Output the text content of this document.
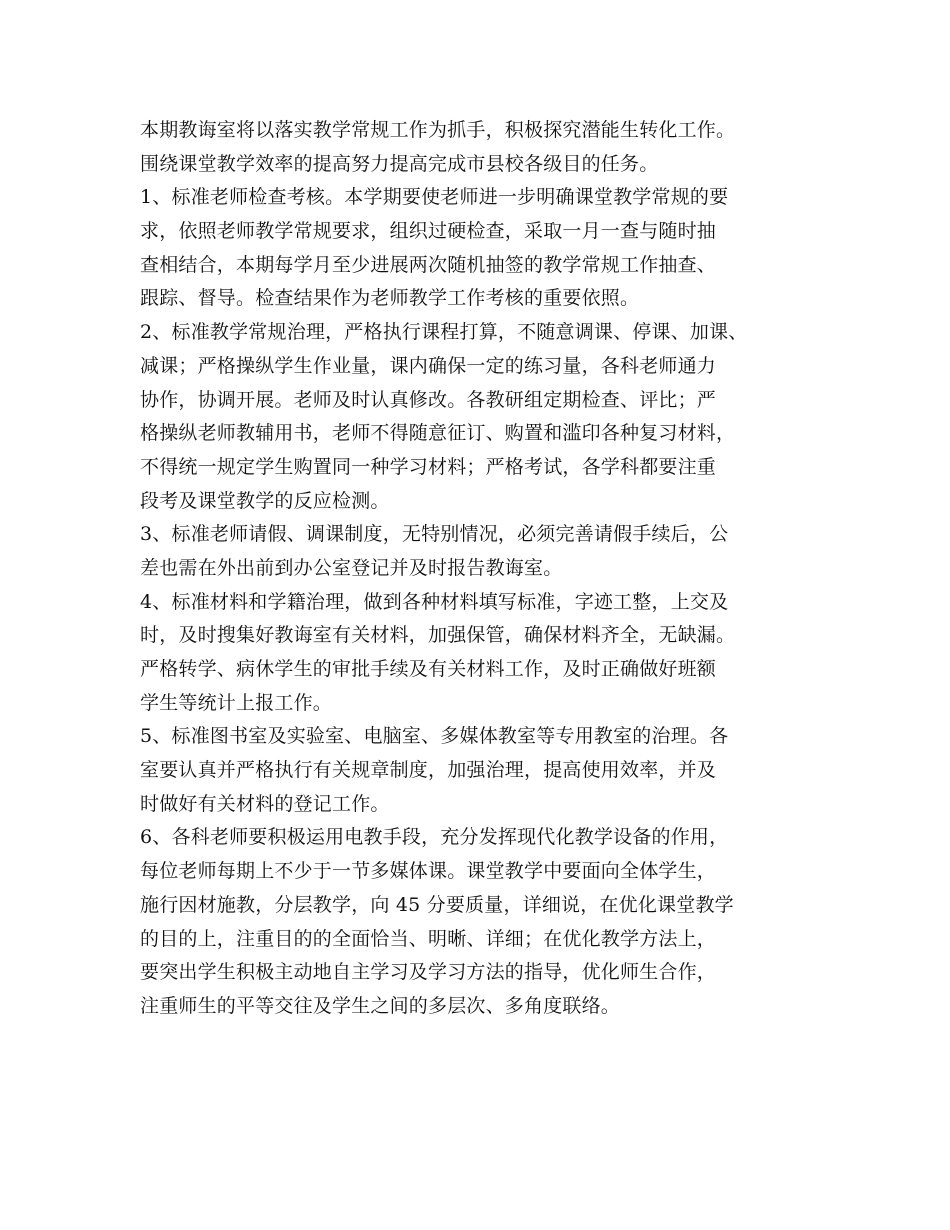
本期教诲室将以落实教学常规工作为抓手，积极探究潜能生转化工作。
围绕课堂教学效率的提高努力提高完成市县校各级目的任务。
1、标准老师检查考核。本学期要使老师进一步明确课堂教学常规的要
求，依照老师教学常规要求，组织过硬检查，采取一月一查与随时抽
查相结合，本期每学月至少进展两次随机抽签的教学常规工作抽查、
跟踪、督导。检查结果作为老师教学工作考核的重要依照。
2、标准教学常规治理，严格执行课程打算，不随意调课、停课、加课、
减课；严格操纵学生作业量，课内确保一定的练习量，各科老师通力
协作，协调开展。老师及时认真修改。各教研组定期检查、评比；严
格操纵老师教辅用书，老师不得随意征订、购置和滥印各种复习材料，
不得统一规定学生购置同一种学习材料；严格考试，各学科都要注重
段考及课堂教学的反应检测。
3、标准老师请假、调课制度，无特别情况，必须完善请假手续后，公
差也需在外出前到办公室登记并及时报告教诲室。
4、标准材料和学籍治理，做到各种材料填写标准，字迹工整，上交及
时，及时搜集好教诲室有关材料，加强保管，确保材料齐全，无缺漏。
严格转学、病休学生的审批手续及有关材料工作，及时正确做好班额
学生等统计上报工作。
5、标准图书室及实验室、电脑室、多媒体教室等专用教室的治理。各
室要认真并严格执行有关规章制度，加强治理，提高使用效率，并及
时做好有关材料的登记工作。
6、各科老师要积极运用电教手段，充分发挥现代化教学设备的作用，
每位老师每期上不少于一节多媒体课。课堂教学中要面向全体学生，
施行因材施教，分层教学，向 45 分要质量，详细说，在优化课堂教学
的目的上，注重目的的全面恰当、明晰、详细；在优化教学方法上，
要突出学生积极主动地自主学习及学习方法的指导，优化师生合作，
注重师生的平等交往及学生之间的多层次、多角度联络。
